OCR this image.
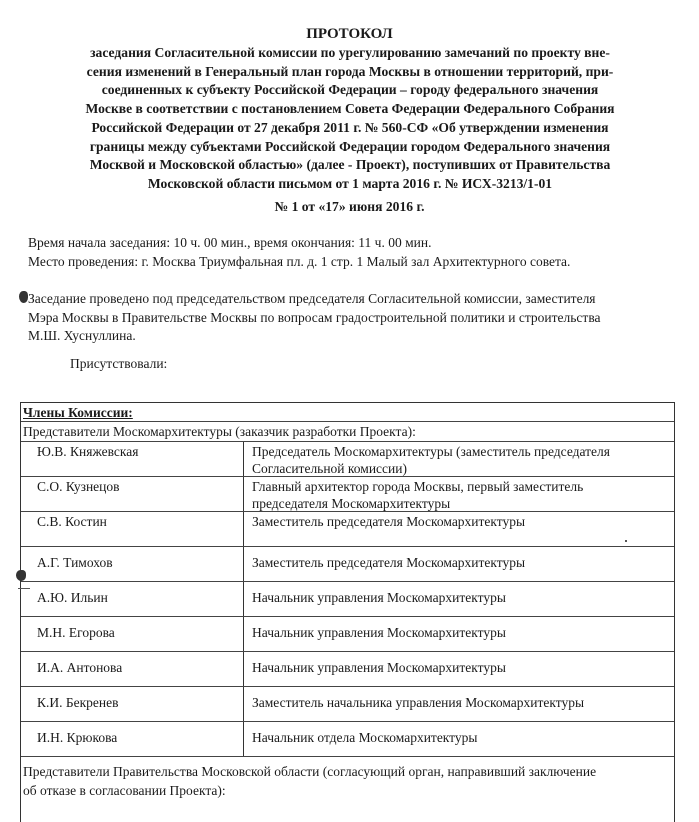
ПРОТОКОЛ
заседания Согласительной комиссии по урегулированию замечаний по проекту вне-
сения изменений в Генеральный план города Москвы в отношении территорий, при-
соединенных к субъекту Российской Федерации – городу федерального значения
Москве в соответствии с постановлением Совета Федерации Федерального Собрания
Российской Федерации от 27 декабря 2011 г. № 560-СФ «Об утверждении изменения
границы между субъектами Российской Федерации городом Федерального значения
Москвой и Московской областью» (далее - Проект), поступивших от Правительства
Московской области письмом от 1 марта 2016 г. № ИСХ-3213/1-01
№ 1 от «17» июня 2016 г.
Время начала заседания: 10 ч. 00 мин., время окончания: 11 ч. 00 мин.
Место проведения: г. Москва Триумфальная пл. д. 1 стр. 1 Малый зал Архитектурного совета.
Заседание проведено под председательством председателя Согласительной комиссии, заместителя
Мэра Москвы в Правительстве Москвы по вопросам градостроительной политики и строительства
М.Ш. Хуснуллина.
Присутствовали:
Члены Комиссии:
Представители Москомархитектуры (заказчик разработки Проекта):
Ю.В. Княжевская	Председатель Москомархитектуры (заместитель председателя
Согласительной комиссии)
С.О. Кузнецов	Главный архитектор города Москвы, первый заместитель
председателя Москомархитектуры
С.В. Костин	Заместитель председателя Москомархитектуры
А.Г. Тимохов	Заместитель председателя Москомархитектуры
А.Ю. Ильин	Начальник управления Москомархитектуры
М.Н. Егорова	Начальник управления Москомархитектуры
И.А. Антонова	Начальник управления Москомархитектуры
К.И. Бекренев	Заместитель начальника управления Москомархитектуры
И.Н. Крюкова	Начальник отдела Москомархитектуры
Представители Правительства Московской области (согласующий орган, направивший заключение
об отказе в согласовании Проекта):
